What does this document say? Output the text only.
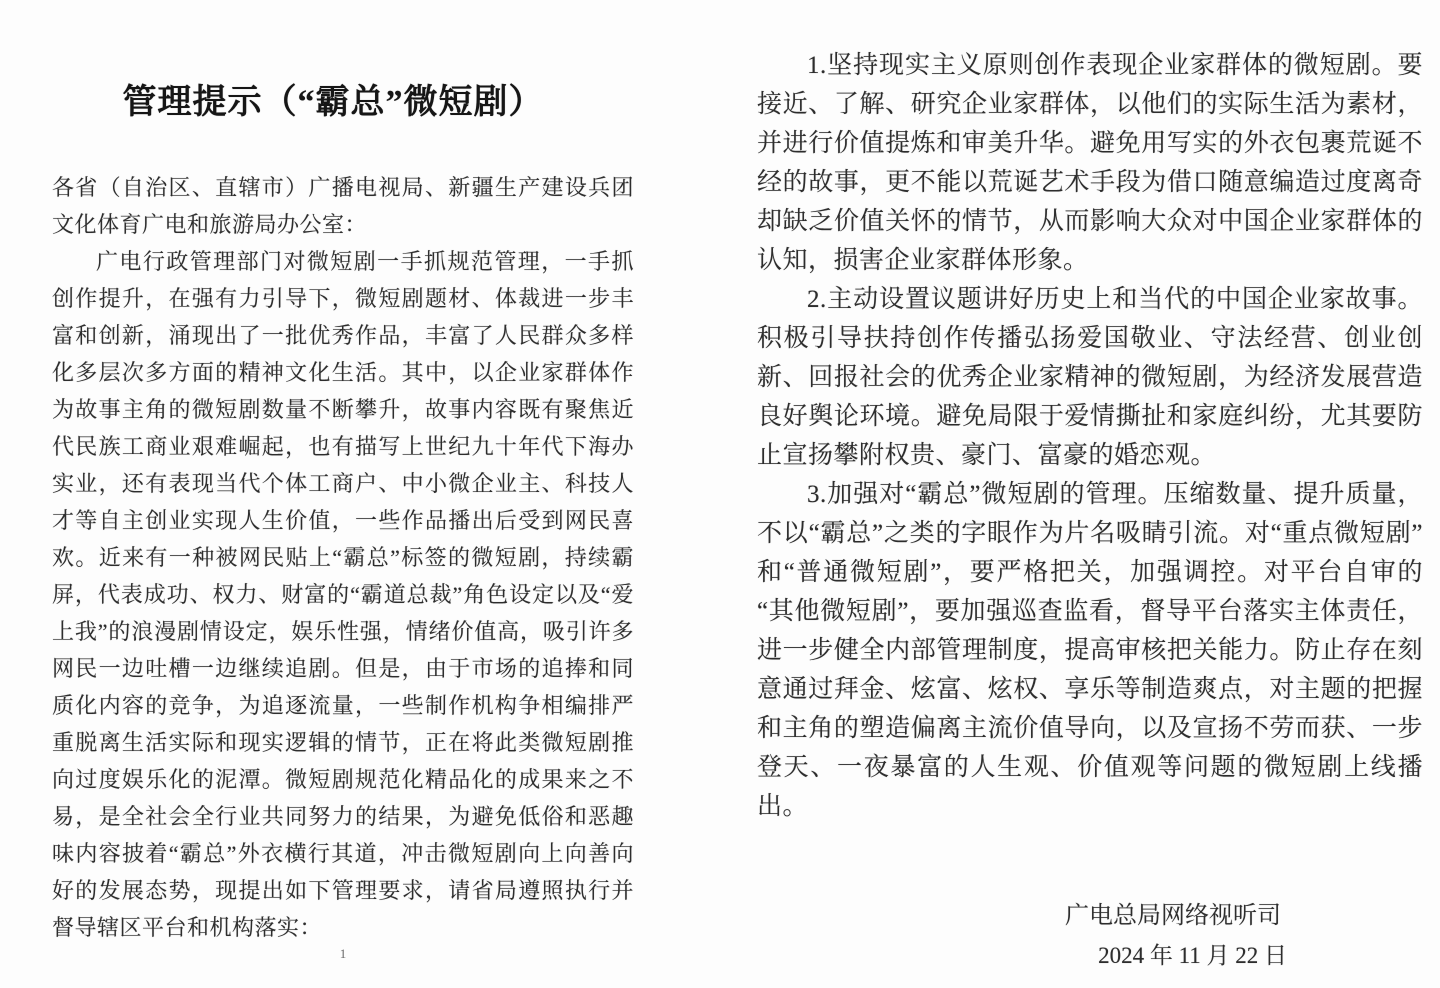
管理提示（“霸总”微短剧）

各省（自治区、直辖市）广播电视局、新疆生产建设兵团文化体育广电和旅游局办公室：

广电行政管理部门对微短剧一手抓规范管理，一手抓创作提升，在强有力引导下，微短剧题材、体裁进一步丰富和创新，涌现出了一批优秀作品，丰富了人民群众多样化多层次多方面的精神文化生活。其中，以企业家群体作为故事主角的微短剧数量不断攀升，故事内容既有聚焦近代民族工商业艰难崛起，也有描写上世纪九十年代下海办实业，还有表现当代个体工商户、中小微企业主、科技人才等自主创业实现人生价值，一些作品播出后受到网民喜欢。近来有一种被网民贴上“霸总”标签的微短剧，持续霸屏，代表成功、权力、财富的“霸道总裁”角色设定以及“爱上我”的浪漫剧情设定，娱乐性强，情绪价值高，吸引许多网民一边吐槽一边继续追剧。但是，由于市场的追捧和同质化内容的竞争，为追逐流量，一些制作机构争相编排严重脱离生活实际和现实逻辑的情节，正在将此类微短剧推向过度娱乐化的泥潭。微短剧规范化精品化的成果来之不易，是全社会全行业共同努力的结果，为避免低俗和恶趣味内容披着“霸总”外衣横行其道，冲击微短剧向上向善向好的发展态势，现提出如下管理要求，请省局遵照执行并督导辖区平台和机构落实：

1

1.坚持现实主义原则创作表现企业家群体的微短剧。要接近、了解、研究企业家群体，以他们的实际生活为素材，并进行价值提炼和审美升华。避免用写实的外衣包裹荒诞不经的故事，更不能以荒诞艺术手段为借口随意编造过度离奇却缺乏价值关怀的情节，从而影响大众对中国企业家群体的认知，损害企业家群体形象。

2.主动设置议题讲好历史上和当代的中国企业家故事。积极引导扶持创作传播弘扬爱国敬业、守法经营、创业创新、回报社会的优秀企业家精神的微短剧，为经济发展营造良好舆论环境。避免局限于爱情撕扯和家庭纠纷，尤其要防止宣扬攀附权贵、豪门、富豪的婚恋观。

3.加强对“霸总”微短剧的管理。压缩数量、提升质量，不以“霸总”之类的字眼作为片名吸睛引流。对“重点微短剧”和“普通微短剧”，要严格把关，加强调控。对平台自审的“其他微短剧”，要加强巡查监看，督导平台落实主体责任，进一步健全内部管理制度，提高审核把关能力。防止存在刻意通过拜金、炫富、炫权、享乐等制造爽点，对主题的把握和主角的塑造偏离主流价值导向，以及宣扬不劳而获、一步登天、一夜暴富的人生观、价值观等问题的微短剧上线播出。

广电总局网络视听司
2024 年 11 月 22 日
